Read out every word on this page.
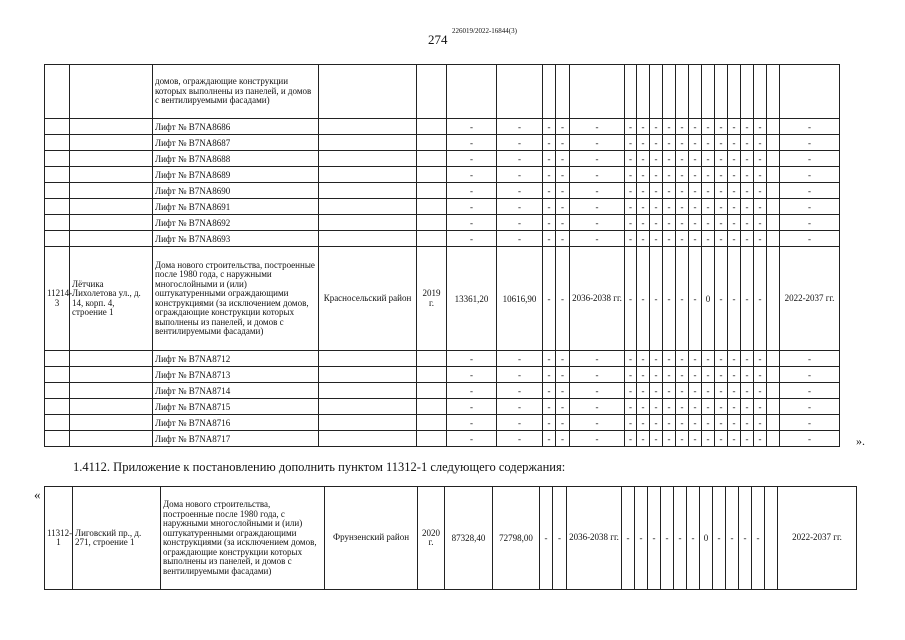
274
226019/2022-16844(3)
		домов, ограждающие конструкции которых выполнены из панелей, и домов с вентилируемыми фасадами)																				
		Лифт № B7NA8686			-	-	-	-	-	-	-	-	-	-	-	-	-	-	-	-		-
		Лифт № B7NA8687			-	-	-	-	-	-	-	-	-	-	-	-	-	-	-	-		-
		Лифт № B7NA8688			-	-	-	-	-	-	-	-	-	-	-	-	-	-	-	-		-
		Лифт № B7NA8689			-	-	-	-	-	-	-	-	-	-	-	-	-	-	-	-		-
		Лифт № B7NA8690			-	-	-	-	-	-	-	-	-	-	-	-	-	-	-	-		-
		Лифт № B7NA8691			-	-	-	-	-	-	-	-	-	-	-	-	-	-	-	-		-
		Лифт № B7NA8692			-	-	-	-	-	-	-	-	-	-	-	-	-	-	-	-		-
		Лифт № B7NA8693			-	-	-	-	-	-	-	-	-	-	-	-	-	-	-	-		-
11214-3	Лётчика Лихолетова ул., д. 14, корп. 4, строение 1	Дома нового строительства, построенные после 1980 года, с наружными многослойными и (или) оштукатуренными ограждающими конструкциями (за исключением домов, ограждающие конструкции которых выполнены из панелей, и домов с вентилируемыми фасадами)	Красносельский район	2019 г.	13361,20	10616,90	-	-	2036-2038 гг.	-	-	-	-	-	-	0	-	-	-	-		2022-2037 гг.
		Лифт № B7NA8712			-	-	-	-	-	-	-	-	-	-	-	-	-	-	-	-		-
		Лифт № B7NA8713			-	-	-	-	-	-	-	-	-	-	-	-	-	-	-	-		-
		Лифт № B7NA8714			-	-	-	-	-	-	-	-	-	-	-	-	-	-	-	-		-
		Лифт № B7NA8715			-	-	-	-	-	-	-	-	-	-	-	-	-	-	-	-		-
		Лифт № B7NA8716			-	-	-	-	-	-	-	-	-	-	-	-	-	-	-	-		-
		Лифт № B7NA8717			-	-	-	-	-	-	-	-	-	-	-	-	-	-	-	-		-	».
1.4112. Приложение к постановлению дополнить пунктом 11312-1 следующего содержания:
«
11312-1	Лиговский пр., д. 271, строение 1	Дома нового строительства, построенные после 1980 года, с наружными многослойными и (или) оштукатуренными ограждающими конструкциями (за исключением домов, ограждающие конструкции которых выполнены из панелей, и домов с вентилируемыми фасадами)	Фрунзенский район	2020 г.	87328,40	72798,00	-	-	2036-2038 гг.	-	-	-	-	-	-	0	-	-	-	-		2022-2037 гг.
